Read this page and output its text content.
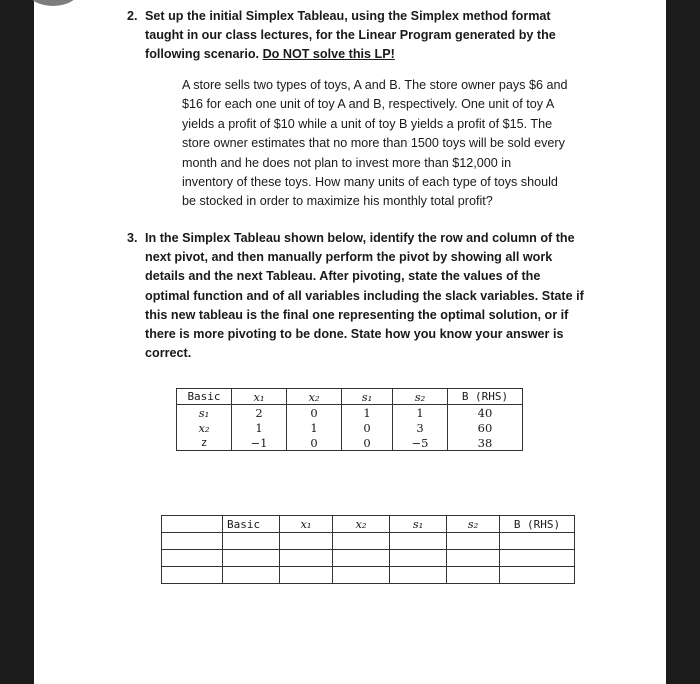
2. Set up the initial Simplex Tableau, using the Simplex method format
taught in our class lectures, for the Linear Program generated by the
following scenario. Do NOT solve this LP!
A store sells two types of toys, A and B. The store owner pays $6 and
$16 for each one unit of toy A and B, respectively. One unit of toy A
yields a profit of $10 while a unit of toy B yields a profit of $15. The
store owner estimates that no more than 1500 toys will be sold every
month and he does not plan to invest more than $12,000 in
inventory of these toys. How many units of each type of toys should
be stocked in order to maximize his monthly total profit?
3. In the Simplex Tableau shown below, identify the row and column of the
next pivot, and then manually perform the pivot by showing all work
details and the next Tableau. After pivoting, state the values of the
optimal function and of all variables including the slack variables. State if
this new tableau is the final one representing the optimal solution, or if
there is more pivoting to be done. State how you know your answer is
correct.
Basic	x₁	x₂	s₁	s₂	B (RHS)
s₁	2	0	1	1	40
x₂	1	1	0	3	60
z	−1	0	0	−5	38
	Basic	x₁	x₂	s₁	s₂	B (RHS)
